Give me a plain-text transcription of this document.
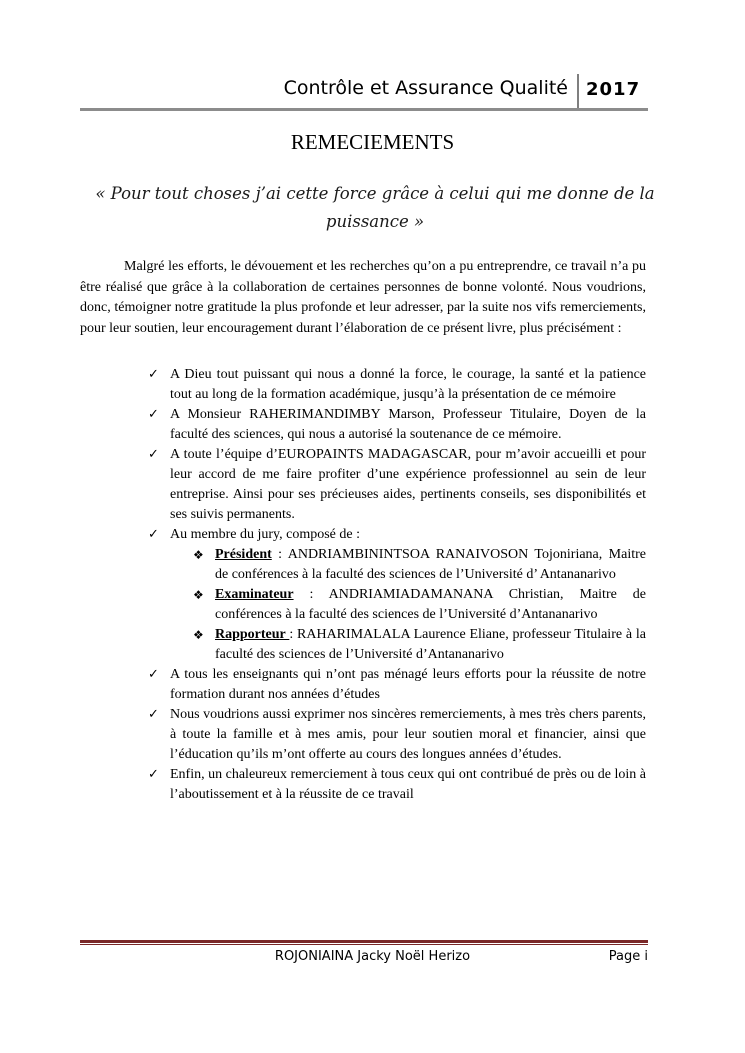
Contrôle et Assurance Qualité 2017
REMECIEMENTS
« Pour tout choses j’ai cette force grâce à celui qui me donne de la puissance »

Malgré les efforts, le dévouement et les recherches qu’on a pu entreprendre, ce travail n’a pu être réalisé que grâce à la collaboration de certaines personnes de bonne volonté. Nous voudrions, donc, témoigner notre gratitude la plus profonde et leur adresser, par la suite nos vifs remerciements, pour leur soutien, leur encouragement durant l’élaboration de ce présent livre, plus précisément :

✓ A Dieu tout puissant qui nous a donné la force, le courage, la santé et la patience tout au long de la formation académique, jusqu’à la présentation de ce mémoire
✓ A Monsieur RAHERIMANDIMBY Marson, Professeur Titulaire, Doyen de la faculté des sciences, qui nous a autorisé la soutenance de ce mémoire.
✓ A toute l’équipe d’EUROPAINTS MADAGASCAR, pour m’avoir accueilli et pour leur accord de me faire profiter d’une expérience professionnel au sein de leur entreprise. Ainsi pour ses précieuses aides, pertinents conseils, ses disponibilités et ses suivis permanents.
✓ Au membre du jury, composé de :
❖ Président : ANDRIAMBININTSOA RANAIVOSON Tojoniriana, Maitre de conférences à la faculté des sciences de l’Université d’ Antananarivo
❖ Examinateur : ANDRIAMIADAMANANA Christian, Maitre de conférences à la faculté des sciences de l’Université d’Antananarivo
❖ Rapporteur : RAHARIMALALA Laurence Eliane, professeur Titulaire à la faculté des sciences de l’Université d’Antananarivo
✓ A tous les enseignants qui n’ont pas ménagé leurs efforts pour la réussite de notre formation durant nos années d’études
✓ Nous voudrions aussi exprimer nos sincères remerciements, à mes très chers parents, à toute la famille et à mes amis, pour leur soutien moral et financier, ainsi que l’éducation qu’ils m’ont offerte au cours des longues années d’études.
✓ Enfin, un chaleureux remerciement à tous ceux qui ont contribué de près ou de loin à l’aboutissement et à la réussite de ce travail
ROJONIAINA Jacky Noël Herizo	Page i
